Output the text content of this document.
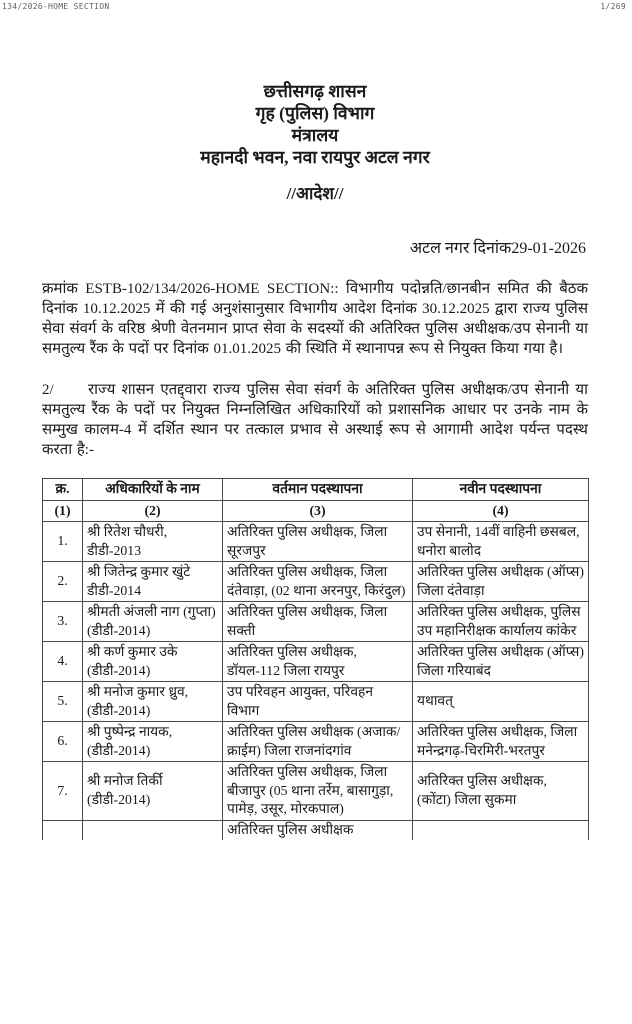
134/2026-HOME SECTION	1/269
छत्तीसगढ़ शासन
गृह (पुलिस) विभाग
मंत्रालय
महानदी भवन, नवा रायपुर अटल नगर
//आदेश//
अटल नगर दिनांक29-01-2026

क्रमांक ESTB-102/134/2026-HOME SECTION:: विभागीय पदोन्नति/छानबीन समित की बैठक दिनांक 10.12.2025 में की गई अनुशंसानुसार विभागीय आदेश दिनांक 30.12.2025 द्वारा राज्य पुलिस सेवा संवर्ग के वरिष्ठ श्रेणी वेतनमान प्राप्त सेवा के सदस्यों की अतिरिक्त पुलिस अधीक्षक/उप सेनानी या समतुल्य रैंक के पदों पर दिनांक 01.01.2025 की स्थिति में स्थानापन्न रूप से नियुक्त किया गया है।

2/ राज्य शासन एतद्द्वारा राज्य पुलिस सेवा संवर्ग के अतिरिक्त पुलिस अधीक्षक/उप सेनानी या समतुल्य रैंक के पदों पर नियुक्त निम्नलिखित अधिकारियों को प्रशासनिक आधार पर उनके नाम के सम्मुख कालम-4 में दर्शित स्थान पर तत्काल प्रभाव से अस्थाई रूप से आगामी आदेश पर्यन्त पदस्थ करता है:-

क्र.	अधिकारियों के नाम	वर्तमान पदस्थापना	नवीन पदस्थापना
(1)	(2)	(3)	(4)
1.	श्री रितेश चौधरी, डीडी-2013	अतिरिक्त पुलिस अधीक्षक, जिला सूरजपुर	उप सेनानी, 14वीं वाहिनी छसबल, धनोरा बालोद
2.	श्री जितेन्द्र कुमार खुंटे डीडी-2014	अतिरिक्त पुलिस अधीक्षक, जिला दंतेवाड़ा, (02 थाना अरनपुर, किरंदुल)	अतिरिक्त पुलिस अधीक्षक (ऑप्स) जिला दंतेवाड़ा
3.	श्रीमती अंजली नाग (गुप्ता) (डीडी-2014)	अतिरिक्त पुलिस अधीक्षक, जिला सक्ती	अतिरिक्त पुलिस अधीक्षक, पुलिस उप महानिरीक्षक कार्यालय कांकेर
4.	श्री कर्ण कुमार उके (डीडी-2014)	अतिरिक्त पुलिस अधीक्षक, डॉयल-112 जिला रायपुर	अतिरिक्त पुलिस अधीक्षक (ऑप्स) जिला गरियाबंद
5.	श्री मनोज कुमार ध्रुव, (डीडी-2014)	उप परिवहन आयुक्त, परिवहन विभाग	यथावत्
6.	श्री पुष्पेन्द्र नायक, (डीडी-2014)	अतिरिक्त पुलिस अधीक्षक (अजाक/क्राईम) जिला राजनांदगांव	अतिरिक्त पुलिस अधीक्षक, जिला मनेन्द्रगढ़-चिरमिरी-भरतपुर
7.	श्री मनोज तिर्की (डीडी-2014)	अतिरिक्त पुलिस अधीक्षक, जिला बीजापुर (05 थाना तर्रेम, बासागुड़ा, पामेड़, उसूर, मोरकपाल)	अतिरिक्त पुलिस अधीक्षक, (कोंटा) जिला सुकमा
		अतिरिक्त पुलिस अधीक्षक	
